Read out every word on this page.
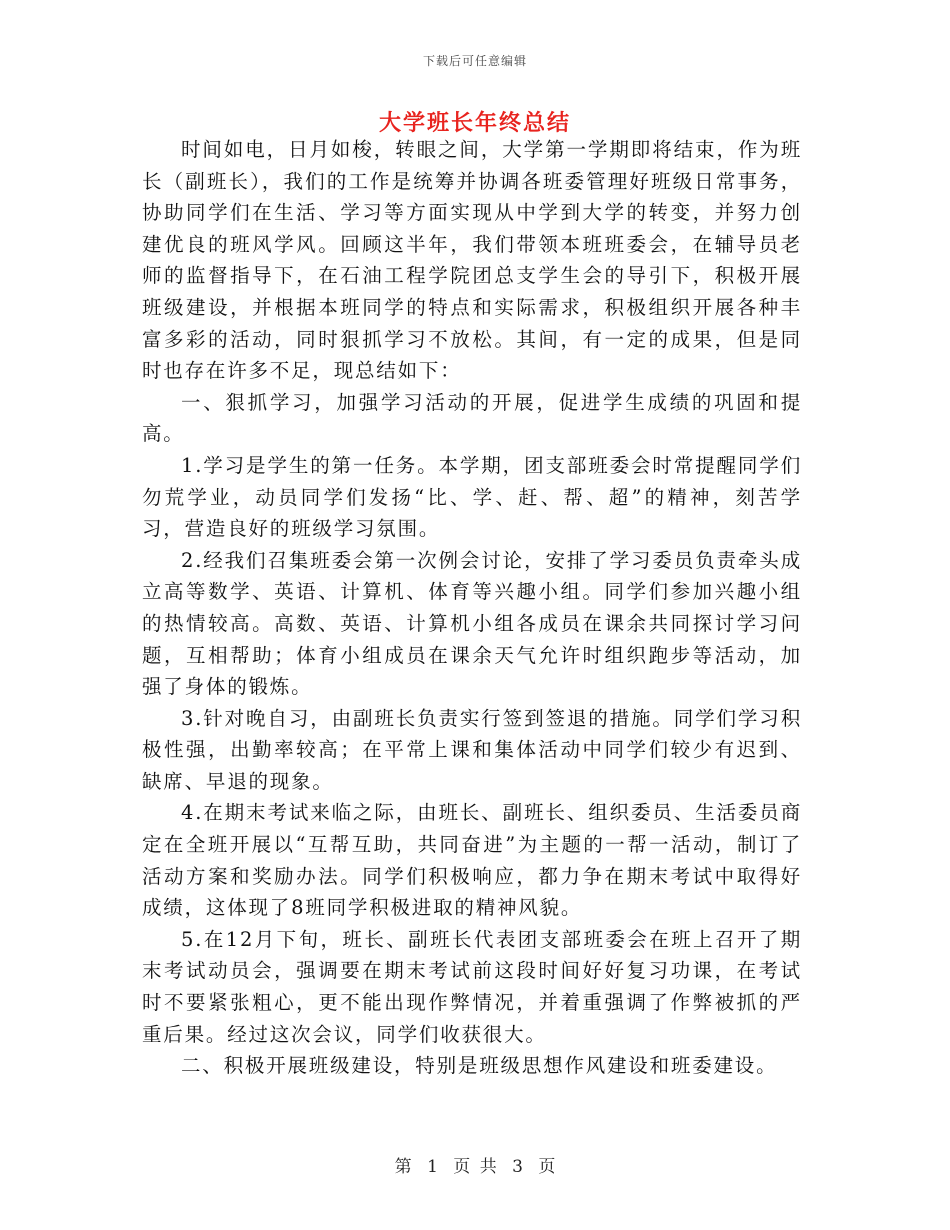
下载后可任意编辑
大学班长年终总结

时间如电，日月如梭，转眼之间，大学第一学期即将结束，作为班长（副班长），我们的工作是统筹并协调各班委管理好班级日常事务，协助同学们在生活、学习等方面实现从中学到大学的转变，并努力创建优良的班风学风。回顾这半年，我们带领本班班委会，在辅导员老师的监督指导下，在石油工程学院团总支学生会的导引下，积极开展班级建设，并根据本班同学的特点和实际需求，积极组织开展各种丰富多彩的活动，同时狠抓学习不放松。其间，有一定的成果，但是同时也存在许多不足，现总结如下：

一、狠抓学习，加强学习活动的开展，促进学生成绩的巩固和提高。

1.学习是学生的第一任务。本学期，团支部班委会时常提醒同学们勿荒学业，动员同学们发扬“比、学、赶、帮、超”的精神，刻苦学习，营造良好的班级学习氛围。

2.经我们召集班委会第一次例会讨论，安排了学习委员负责牵头成立高等数学、英语、计算机、体育等兴趣小组。同学们参加兴趣小组的热情较高。高数、英语、计算机小组各成员在课余共同探讨学习问题，互相帮助；体育小组成员在课余天气允许时组织跑步等活动，加强了身体的锻炼。

3.针对晚自习，由副班长负责实行签到签退的措施。同学们学习积极性强，出勤率较高；在平常上课和集体活动中同学们较少有迟到、缺席、早退的现象。

4.在期末考试来临之际，由班长、副班长、组织委员、生活委员商定在全班开展以“互帮互助，共同奋进”为主题的一帮一活动，制订了活动方案和奖励办法。同学们积极响应，都力争在期末考试中取得好成绩，这体现了8班同学积极进取的精神风貌。

5.在12月下旬，班长、副班长代表团支部班委会在班上召开了期末考试动员会，强调要在期末考试前这段时间好好复习功课，在考试时不要紧张粗心，更不能出现作弊情况，并着重强调了作弊被抓的严重后果。经过这次会议，同学们收获很大。

二、积极开展班级建设，特别是班级思想作风建设和班委建设。

第 1 页 共 3 页
